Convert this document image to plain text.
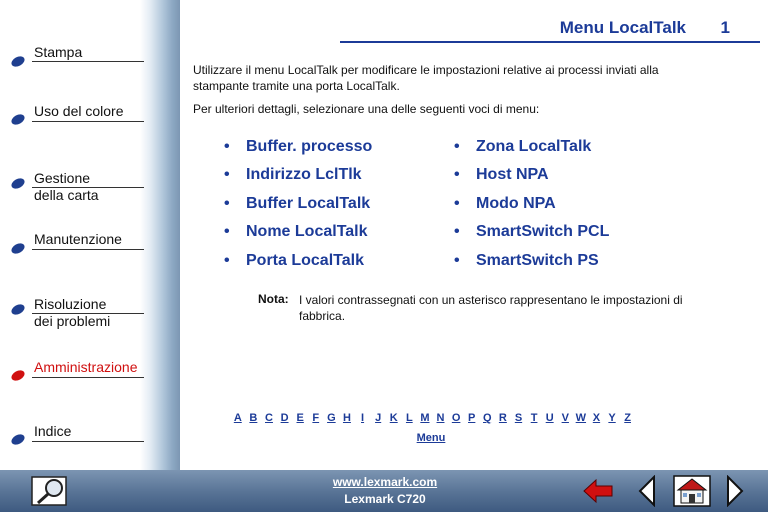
Stampa
Uso del colore
Gestione
della carta
Manutenzione
Risoluzione
dei problemi
Amministrazione
Indice
Menu LocalTalk	1
Utilizzare il menu LocalTalk per modificare le impostazioni relative ai processi inviati alla
stampante tramite una porta LocalTalk.
Per ulteriori dettagli, selezionare una delle seguenti voci di menu:
• Buffer. processo
• Indirizzo LclTlk
• Buffer LocalTalk
• Nome LocalTalk
• Porta LocalTalk
• Zona LocalTalk
• Host NPA
• Modo NPA
• SmartSwitch PCL
• SmartSwitch PS
Nota: I valori contrassegnati con un asterisco rappresentano le impostazioni di
fabbrica.
A B C D E F G H I	J K L M N O P Q R S T U V W X Y Z
Menu
www.lexmark.com
Lexmark C720
